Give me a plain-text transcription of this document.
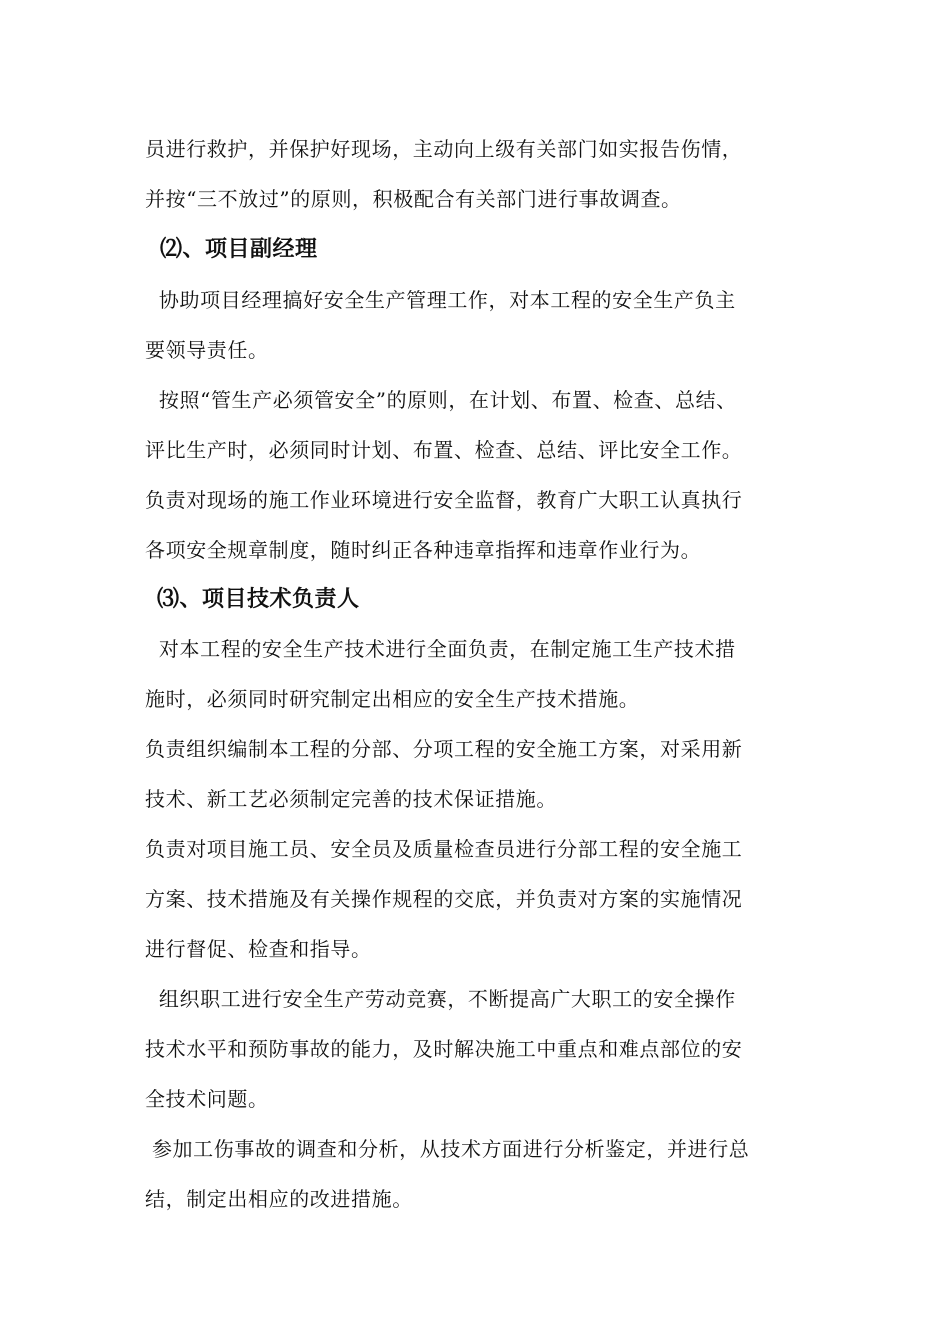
员进行救护，并保护好现场，主动向上级有关部门如实报告伤情，
并按“三不放过”的原则，积极配合有关部门进行事故调查。
⑵、项目副经理
协助项目经理搞好安全生产管理工作，对本工程的安全生产负主
要领导责任。
按照“管生产必须管安全”的原则，在计划、布置、检查、总结、
评比生产时，必须同时计划、布置、检查、总结、评比安全工作。
负责对现场的施工作业环境进行安全监督，教育广大职工认真执行
各项安全规章制度，随时纠正各种违章指挥和违章作业行为。
⑶、项目技术负责人
对本工程的安全生产技术进行全面负责，在制定施工生产技术措
施时，必须同时研究制定出相应的安全生产技术措施。
负责组织编制本工程的分部、分项工程的安全施工方案，对采用新
技术、新工艺必须制定完善的技术保证措施。
负责对项目施工员、安全员及质量检查员进行分部工程的安全施工
方案、技术措施及有关操作规程的交底，并负责对方案的实施情况
进行督促、检查和指导。
组织职工进行安全生产劳动竞赛，不断提高广大职工的安全操作
技术水平和预防事故的能力，及时解决施工中重点和难点部位的安
全技术问题。
参加工伤事故的调查和分析，从技术方面进行分析鉴定，并进行总
结，制定出相应的改进措施。
